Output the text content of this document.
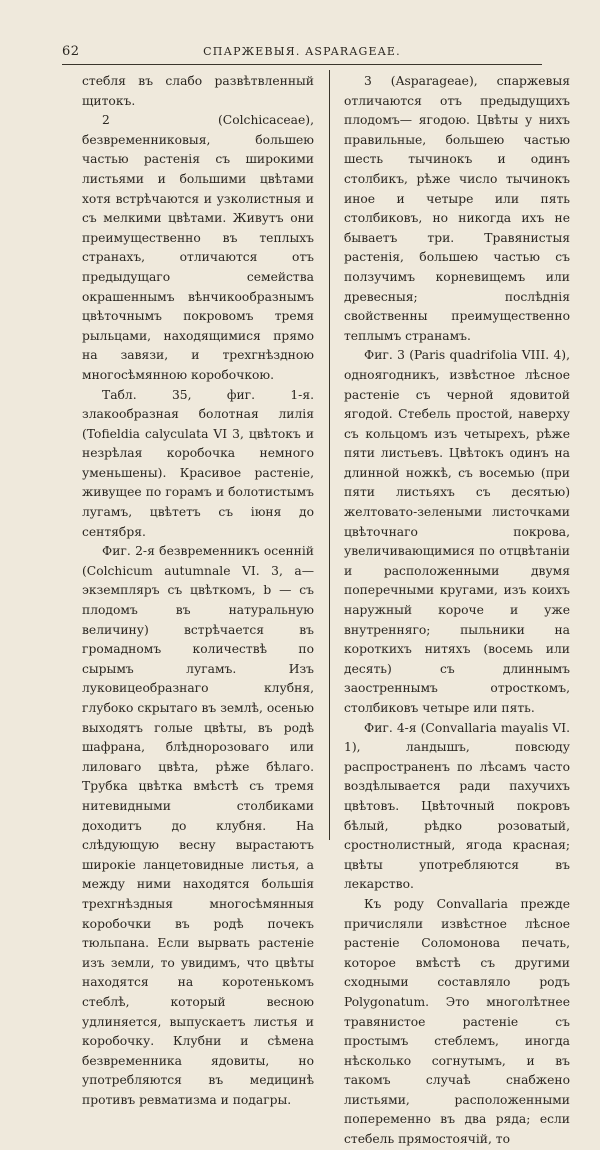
62	СПАРЖЕВЫЯ. ASPARAGEAE.

стебля въ слабо развѣтвленный щитокъ.

2 (Colchicaceae), безвременниковыя, большею частью растенія съ широкими листьями и большими цвѣтами хотя встрѣчаются и узколистныя и съ мелкими цвѣтами. Живутъ они преимущественно въ теплыхъ странахъ, отличаются отъ предыдущаго семейства окрашеннымъ вѣнчикообразнымъ цвѣточнымъ покровомъ тремя рыльцами, находящимися прямо на завязи, и трехгнѣздною многосѣмянною коробочкою.

Табл. 35, фиг. 1-я. злакообразная болотная лилія (Tofieldia calyculata VI 3, цвѣтокъ и незрѣлая коробочка немного уменьшены). Красивое растеніе, живущее по горамъ и болотистымъ лугамъ, цвѣтетъ съ іюня до сентября.

Фиг. 2-я безвременникъ осенній (Colchicum autumnale VI. 3, а— экземпляръ съ цвѣткомъ, b — съ плодомъ въ натуральную величину) встрѣчается въ громадномъ количествѣ по сырымъ лугамъ. Изъ луковицеобразнаго клубня, глубоко скрытаго въ землѣ, осенью выходятъ голые цвѣты, въ родѣ шафрана, блѣднорозоваго или лиловаго цвѣта, рѣже бѣлаго. Трубка цвѣтка вмѣстѣ съ тремя нитевидными столбиками доходитъ до клубня. На слѣдующую весну вырастаютъ широкіе ланцетовидные листья, а между ними находятся большія трехгнѣздныя многосѣмянныя коробочки въ родѣ почекъ тюльпана. Если вырвать растеніе изъ земли, то увидимъ, что цвѣты находятся на коротенькомъ стеблѣ, который весною удлиняется, выпускаетъ листья и коробочку. Клубни и сѣмена безвременника ядовиты, но употребляются въ медицинѣ противъ ревматизма и подагры.

3 (Asparageae), спаржевыя отличаются отъ предыдущихъ плодомъ— ягодою. Цвѣты у нихъ правильные, большею частью шесть тычинокъ и одинъ столбикъ, рѣже число тычинокъ иное и четыре или пять столбиковъ, но никогда ихъ не бываетъ три. Травянистыя растенія, большею частью съ ползучимъ корневищемъ или древесныя; послѣднія свойственны преимущественно теплымъ странамъ.

Фиг. 3 (Paris quadrifolia VIII. 4), одноягодникъ, извѣстное лѣсное растеніе съ черной ядовитой ягодой. Стебель простой, наверху съ кольцомъ изъ четырехъ, рѣже пяти листьевъ. Цвѣтокъ одинъ на длинной ножкѣ, съ восемью (при пяти листьяхъ съ десятью) желтовато-зелеными листочками цвѣточнаго покрова, увеличивающимися по отцвѣтаніи и расположенными двумя поперечными кругами, изъ коихъ наружный короче и уже внутренняго; пыльники на короткихъ нитяхъ (восемь или десять) съ длиннымъ заостреннымъ отросткомъ, столбиковъ четыре или пять.

Фиг. 4-я (Convallaria mayalis VI. 1), ландышъ, повсюду распространенъ по лѣсамъ часто воздѣлывается ради пахучихъ цвѣтовъ. Цвѣточный покровъ бѣлый, рѣдко розоватый, сростнолистный, ягода красная; цвѣты употребляются въ лекарство.

Къ роду Convallaria прежде причисляли извѣстное лѣсное растеніе Соломонова печать, которое вмѣстѣ съ другими сходными составляло родъ Polygonatum. Это многолѣтнее травянистое растеніе съ простымъ стеблемъ, иногда нѣсколько согнутымъ, и въ такомъ случаѣ снабжено листьями, расположенными попеременно въ два ряда; если стебель прямостоячій, то
